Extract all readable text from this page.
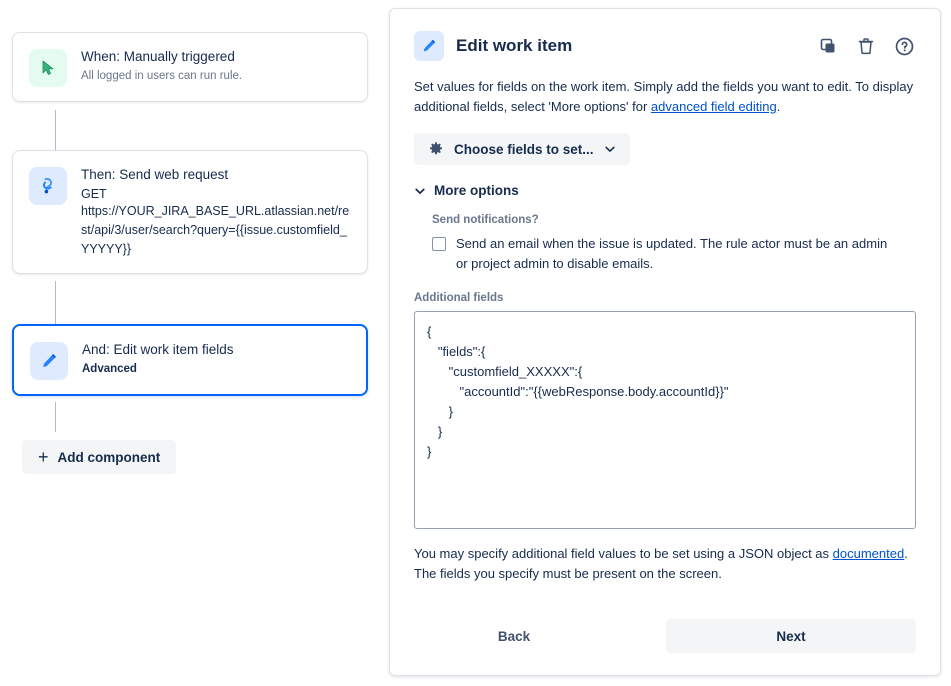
When: Manually triggered
All logged in users can run rule.
Then: Send web request
GET
https://YOUR_JIRA_BASE_URL.atlassian.net/rest/api/3/user/search?query={{issue.customfield_YYYYY}}
And: Edit work item fields
Advanced
+ Add component
Edit work item
Set values for fields on the work item. Simply add the fields you want to edit. To display additional fields, select 'More options' for advanced field editing.
Choose fields to set...
More options
Send notifications?
Send an email when the issue is updated. The rule actor must be an admin or project admin to disable emails.
Additional fields
{ "fields":{ "customfield_XXXXX":{ "accountId":"{{webResponse.body.accountId}}" } } }
You may specify additional field values to be set using a JSON object as documented. The fields you specify must be present on the screen.
Back	Next
